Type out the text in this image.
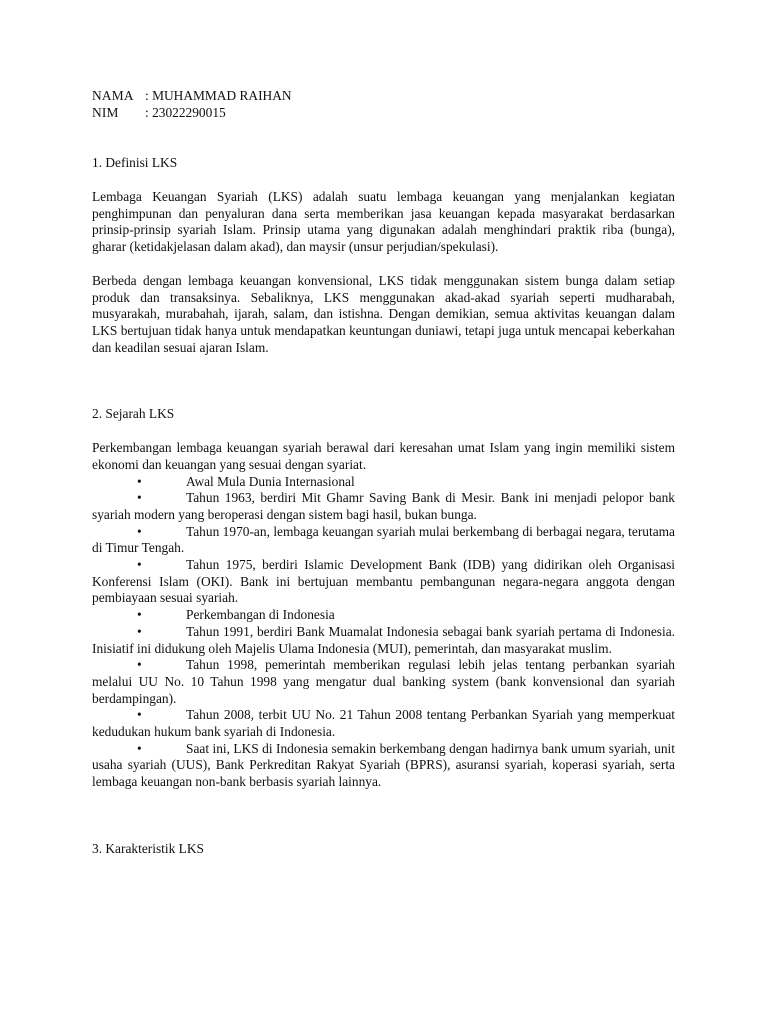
NAMA : MUHAMMAD RAIHAN
NIM	: 23022290015
1. Definisi LKS

Lembaga Keuangan Syariah (LKS) adalah suatu lembaga keuangan yang menjalankan kegiatan penghimpunan dan penyaluran dana serta memberikan jasa keuangan kepada masyarakat berdasarkan prinsip-prinsip syariah Islam. Prinsip utama yang digunakan adalah menghindari praktik riba (bunga), gharar (ketidakjelasan dalam akad), dan maysir (unsur perjudian/spekulasi).

Berbeda dengan lembaga keuangan konvensional, LKS tidak menggunakan sistem bunga dalam setiap produk dan transaksinya. Sebaliknya, LKS menggunakan akad-akad syariah seperti mudharabah, musyarakah, murabahah, ijarah, salam, dan istishna. Dengan demikian, semua aktivitas keuangan dalam LKS bertujuan tidak hanya untuk mendapatkan keuntungan duniawi, tetapi juga untuk mencapai keberkahan dan keadilan sesuai ajaran Islam.

2. Sejarah LKS

Perkembangan lembaga keuangan syariah berawal dari keresahan umat Islam yang ingin memiliki sistem ekonomi dan keuangan yang sesuai dengan syariat.

•	Awal Mula Dunia Internasional

•	Tahun 1963, berdiri Mit Ghamr Saving Bank di Mesir. Bank ini menjadi pelopor bank syariah modern yang beroperasi dengan sistem bagi hasil, bukan bunga.

•	Tahun 1970-an, lembaga keuangan syariah mulai berkembang di berbagai negara, terutama di Timur Tengah.

•	Tahun 1975, berdiri Islamic Development Bank (IDB) yang didirikan oleh Organisasi Konferensi Islam (OKI). Bank ini bertujuan membantu pembangunan negara-negara anggota dengan pembiayaan sesuai syariah.

•	Perkembangan di Indonesia

•	Tahun 1991, berdiri Bank Muamalat Indonesia sebagai bank syariah pertama di Indonesia. Inisiatif ini didukung oleh Majelis Ulama Indonesia (MUI), pemerintah, dan masyarakat muslim.

•	Tahun 1998, pemerintah memberikan regulasi lebih jelas tentang perbankan syariah melalui UU No. 10 Tahun 1998 yang mengatur dual banking system (bank konvensional dan syariah berdampingan).

•	Tahun 2008, terbit UU No. 21 Tahun 2008 tentang Perbankan Syariah yang memperkuat kedudukan hukum bank syariah di Indonesia.

•	Saat ini, LKS di Indonesia semakin berkembang dengan hadirnya bank umum syariah, unit usaha syariah (UUS), Bank Perkreditan Rakyat Syariah (BPRS), asuransi syariah, koperasi syariah, serta lembaga keuangan non-bank berbasis syariah lainnya.

3. Karakteristik LKS
